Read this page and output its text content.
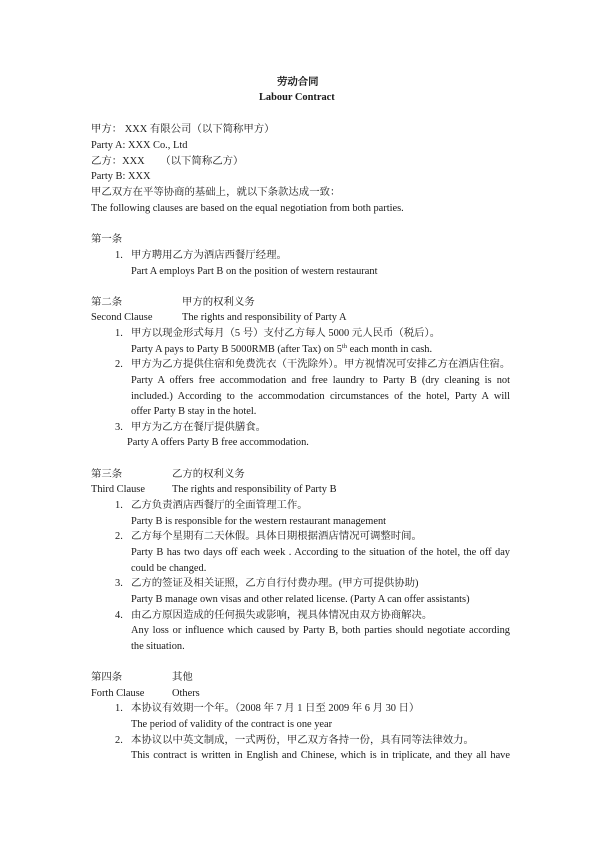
劳动合同
Labour Contract
甲方： XXX 有限公司（以下简称甲方）
Party A: XXX Co., Ltd
乙方：XXX　　（以下简称乙方）
Party B: XXX
甲乙双方在平等协商的基础上，就以下条款达成一致：
The following clauses are based on the equal negotiation from both parties.
第一条
1. 甲方聘用乙方为酒店西餐厅经理。
Part A employs Part B on the position of western restaurant
第二条	甲方的权利义务
Second Clause	The rights and responsibility of Party A
1. 甲方以现金形式每月（5 号）支付乙方每人 5000 元人民币（税后）。
Party A pays to Party B 5000RMB (after Tax) on 5th each month in cash.
2. 甲方为乙方提供住宿和免费洗衣（干洗除外）。甲方视情况可安排乙方在酒店住宿。
Party A offers free accommodation and free laundry to Party B (dry cleaning is not
included.) According to the accommodation circumstances of the hotel, Party A will
offer Party B stay in the hotel.
3. 甲方为乙方在餐厅提供膳食。
Party A offers Party B free accommodation.
第三条	乙方的权利义务
Third Clause	The rights and responsibility of Party B
1. 乙方负责酒店西餐厅的全面管理工作。
Party B is responsible for the western restaurant management
2. 乙方每个星期有二天休假。具体日期根据酒店情况可调整时间。
Party B has two days off each week . According to the situation of the hotel, the off day
could be changed.
3. 乙方的签证及相关证照，乙方自行付费办理。(甲方可提供协助)
Party B manage own visas and other related license. (Party A can offer assistants)
4. 由乙方原因造成的任何损失或影响，视具体情况由双方协商解决。
Any loss or influence which caused by Party B, both parties should negotiate according
the situation.
第四条	其他
Forth Clause	Others
1. 本协议有效期一个年。（2008 年 7 月 1 日至 2009 年 6 月 30 日）
The period of validity of the contract is one year
2. 本协议以中英文制成，一式两份，甲乙双方各持一份，具有同等法律效力。
This contract is written in English and Chinese, which is in triplicate, and they all have
